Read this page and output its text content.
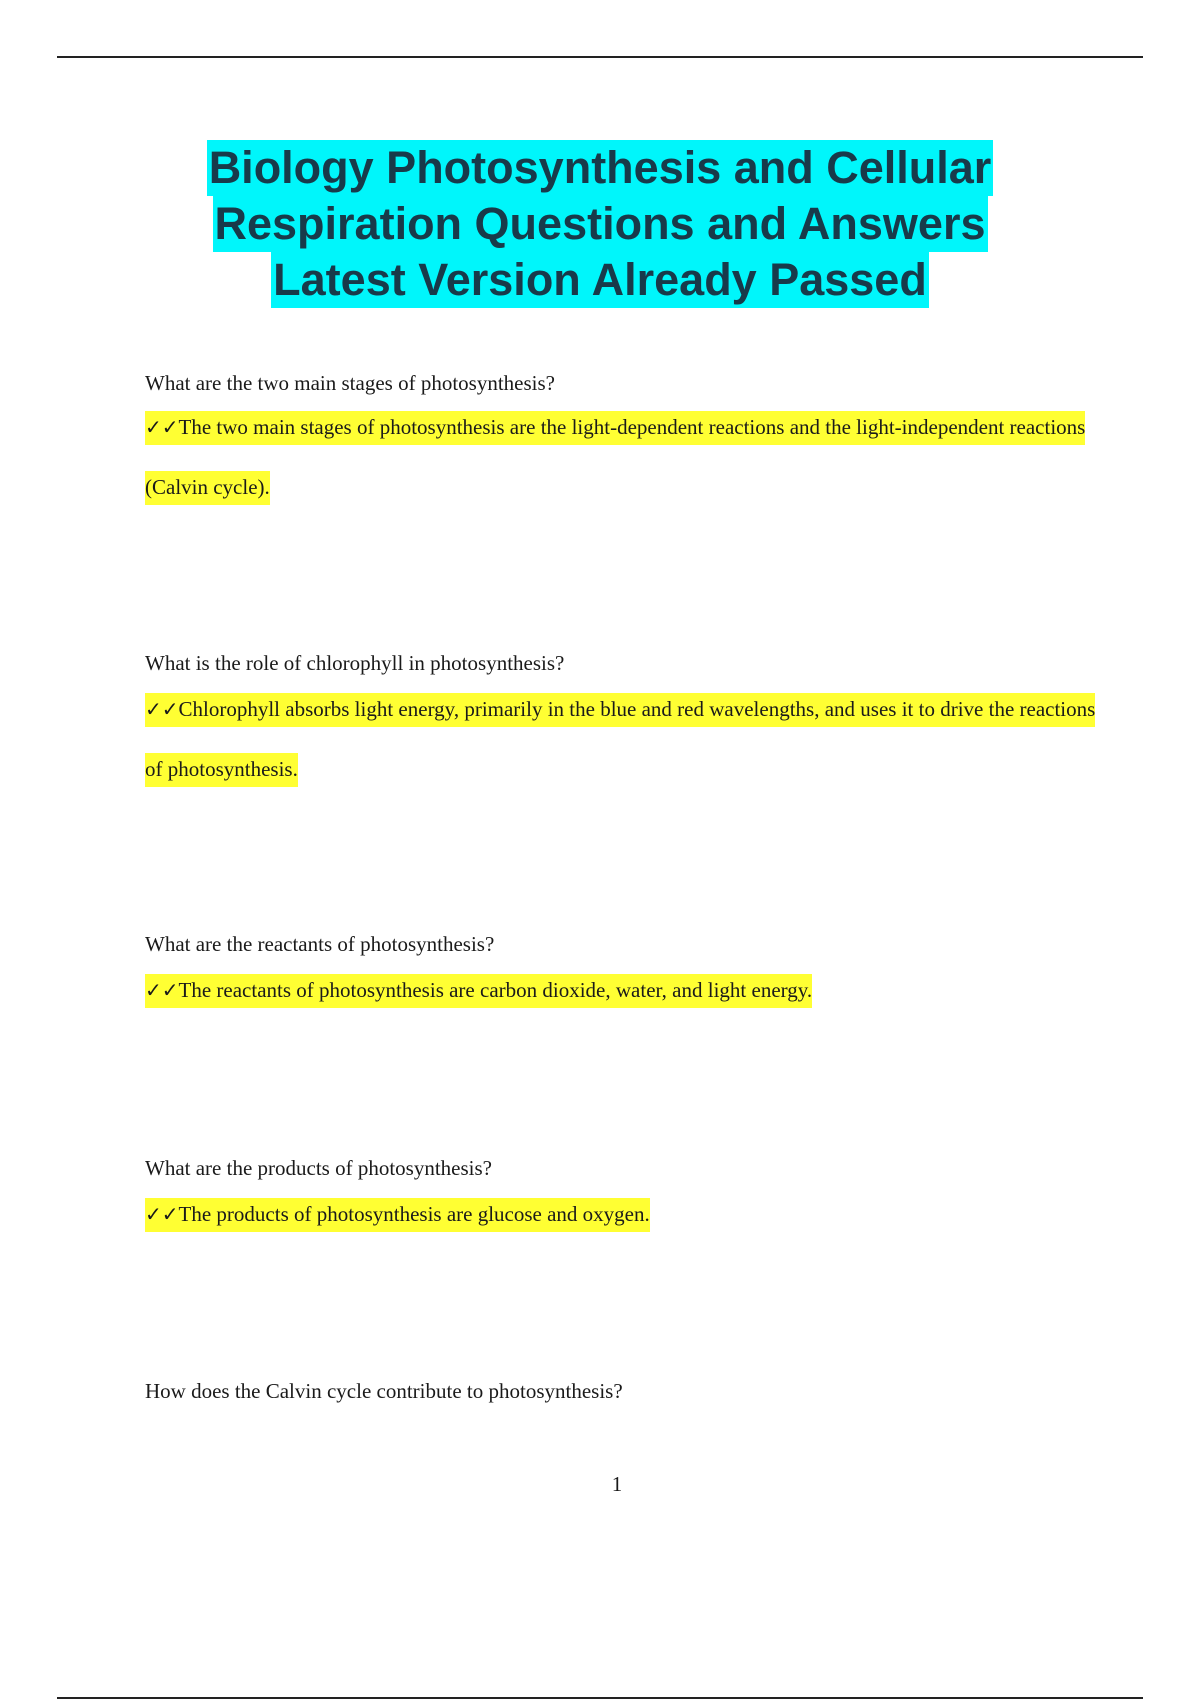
Biology Photosynthesis and Cellular
Respiration Questions and Answers
Latest Version Already Passed

What are the two main stages of photosynthesis?

✓✓The two main stages of photosynthesis are the light-dependent reactions and the light-independent reactions (Calvin cycle).

What is the role of chlorophyll in photosynthesis?

✓✓Chlorophyll absorbs light energy, primarily in the blue and red wavelengths, and uses it to drive the reactions of photosynthesis.

What are the reactants of photosynthesis?

✓✓The reactants of photosynthesis are carbon dioxide, water, and light energy.

What are the products of photosynthesis?

✓✓The products of photosynthesis are glucose and oxygen.

How does the Calvin cycle contribute to photosynthesis?

1
